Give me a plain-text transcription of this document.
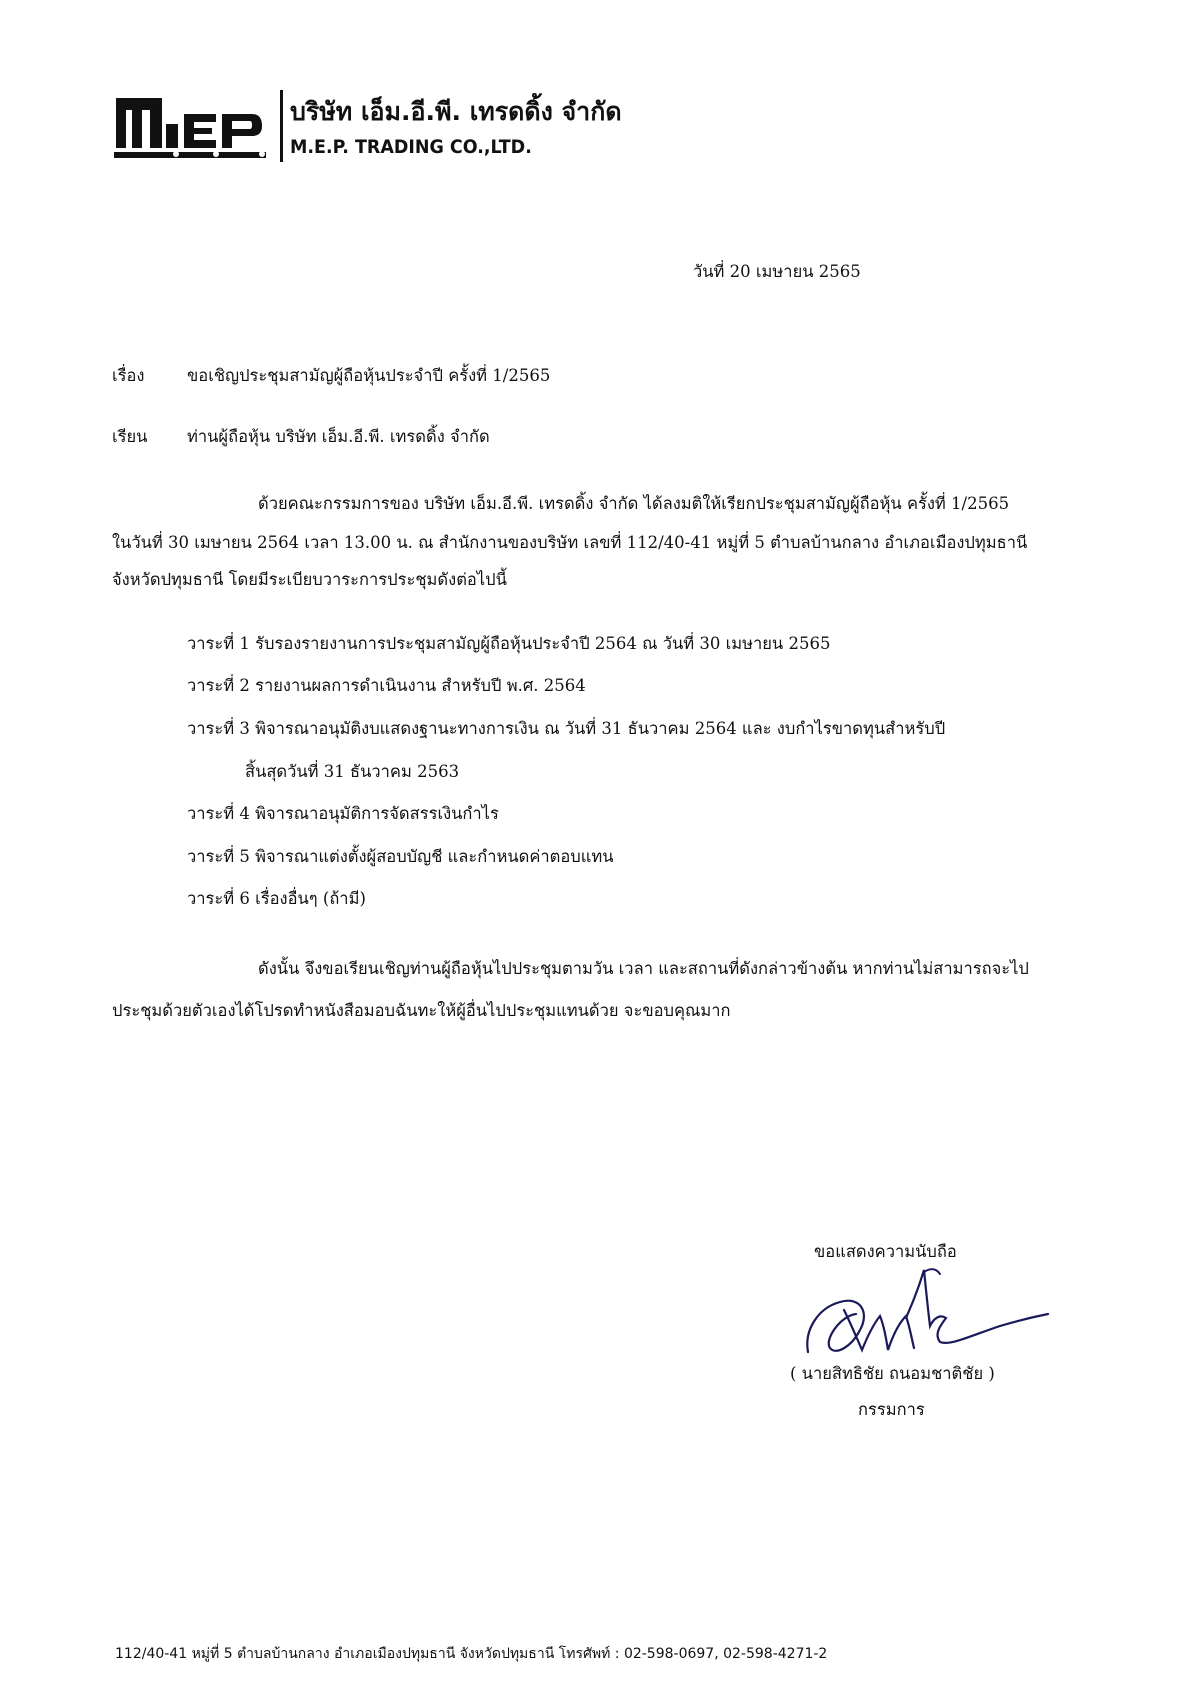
บริษัท เอ็ม.อี.พี. เทรดดิ้ง จำกัด
M.E.P. TRADING CO.,LTD.
วันที่ 20 เมษายน 2565
เรื่อง	ขอเชิญประชุมสามัญผู้ถือหุ้นประจำปี ครั้งที่ 1/2565
เรียน ท่านผู้ถือหุ้น บริษัท เอ็ม.อี.พี. เทรดดิ้ง จำกัด
ด้วยคณะกรรมการของ บริษัท เอ็ม.อี.พี. เทรดดิ้ง จำกัด ได้ลงมติให้เรียกประชุมสามัญผู้ถือหุ้น ครั้งที่ 1/2565
ในวันที่ 30 เมษายน 2564 เวลา 13.00 น. ณ สำนักงานของบริษัท เลขที่ 112/40-41 หมู่ที่ 5 ตำบลบ้านกลาง อำเภอเมืองปทุมธานี
จังหวัดปทุมธานี โดยมีระเบียบวาระการประชุมดังต่อไปนี้
วาระที่ 1 รับรองรายงานการประชุมสามัญผู้ถือหุ้นประจำปี 2564 ณ วันที่ 30 เมษายน 2565
วาระที่ 2 รายงานผลการดำเนินงาน สำหรับปี พ.ศ. 2564
วาระที่ 3 พิจารณาอนุมัติงบแสดงฐานะทางการเงิน ณ วันที่ 31 ธันวาคม 2564 และ งบกำไรขาดทุนสำหรับปี
สิ้นสุดวันที่ 31 ธันวาคม 2563
วาระที่ 4 พิจารณาอนุมัติการจัดสรรเงินกำไร
วาระที่ 5 พิจารณาแต่งตั้งผู้สอบบัญชี และกำหนดค่าตอบแทน
วาระที่ 6 เรื่องอื่นๆ (ถ้ามี)
ดังนั้น จึงขอเรียนเชิญท่านผู้ถือหุ้นไปประชุมตามวัน เวลา และสถานที่ดังกล่าวข้างต้น หากท่านไม่สามารถจะไป
ประชุมด้วยตัวเองได้โปรดทำหนังสือมอบฉันทะให้ผู้อื่นไปประชุมแทนด้วย จะขอบคุณมาก
ขอแสดงความนับถือ
( นายสิทธิชัย ถนอมชาติชัย )
กรรมการ
112/40-41 หมู่ที่ 5 ตำบลบ้านกลาง อำเภอเมืองปทุมธานี จังหวัดปทุมธานี โทรศัพท์ : 02-598-0697, 02-598-4271-2
